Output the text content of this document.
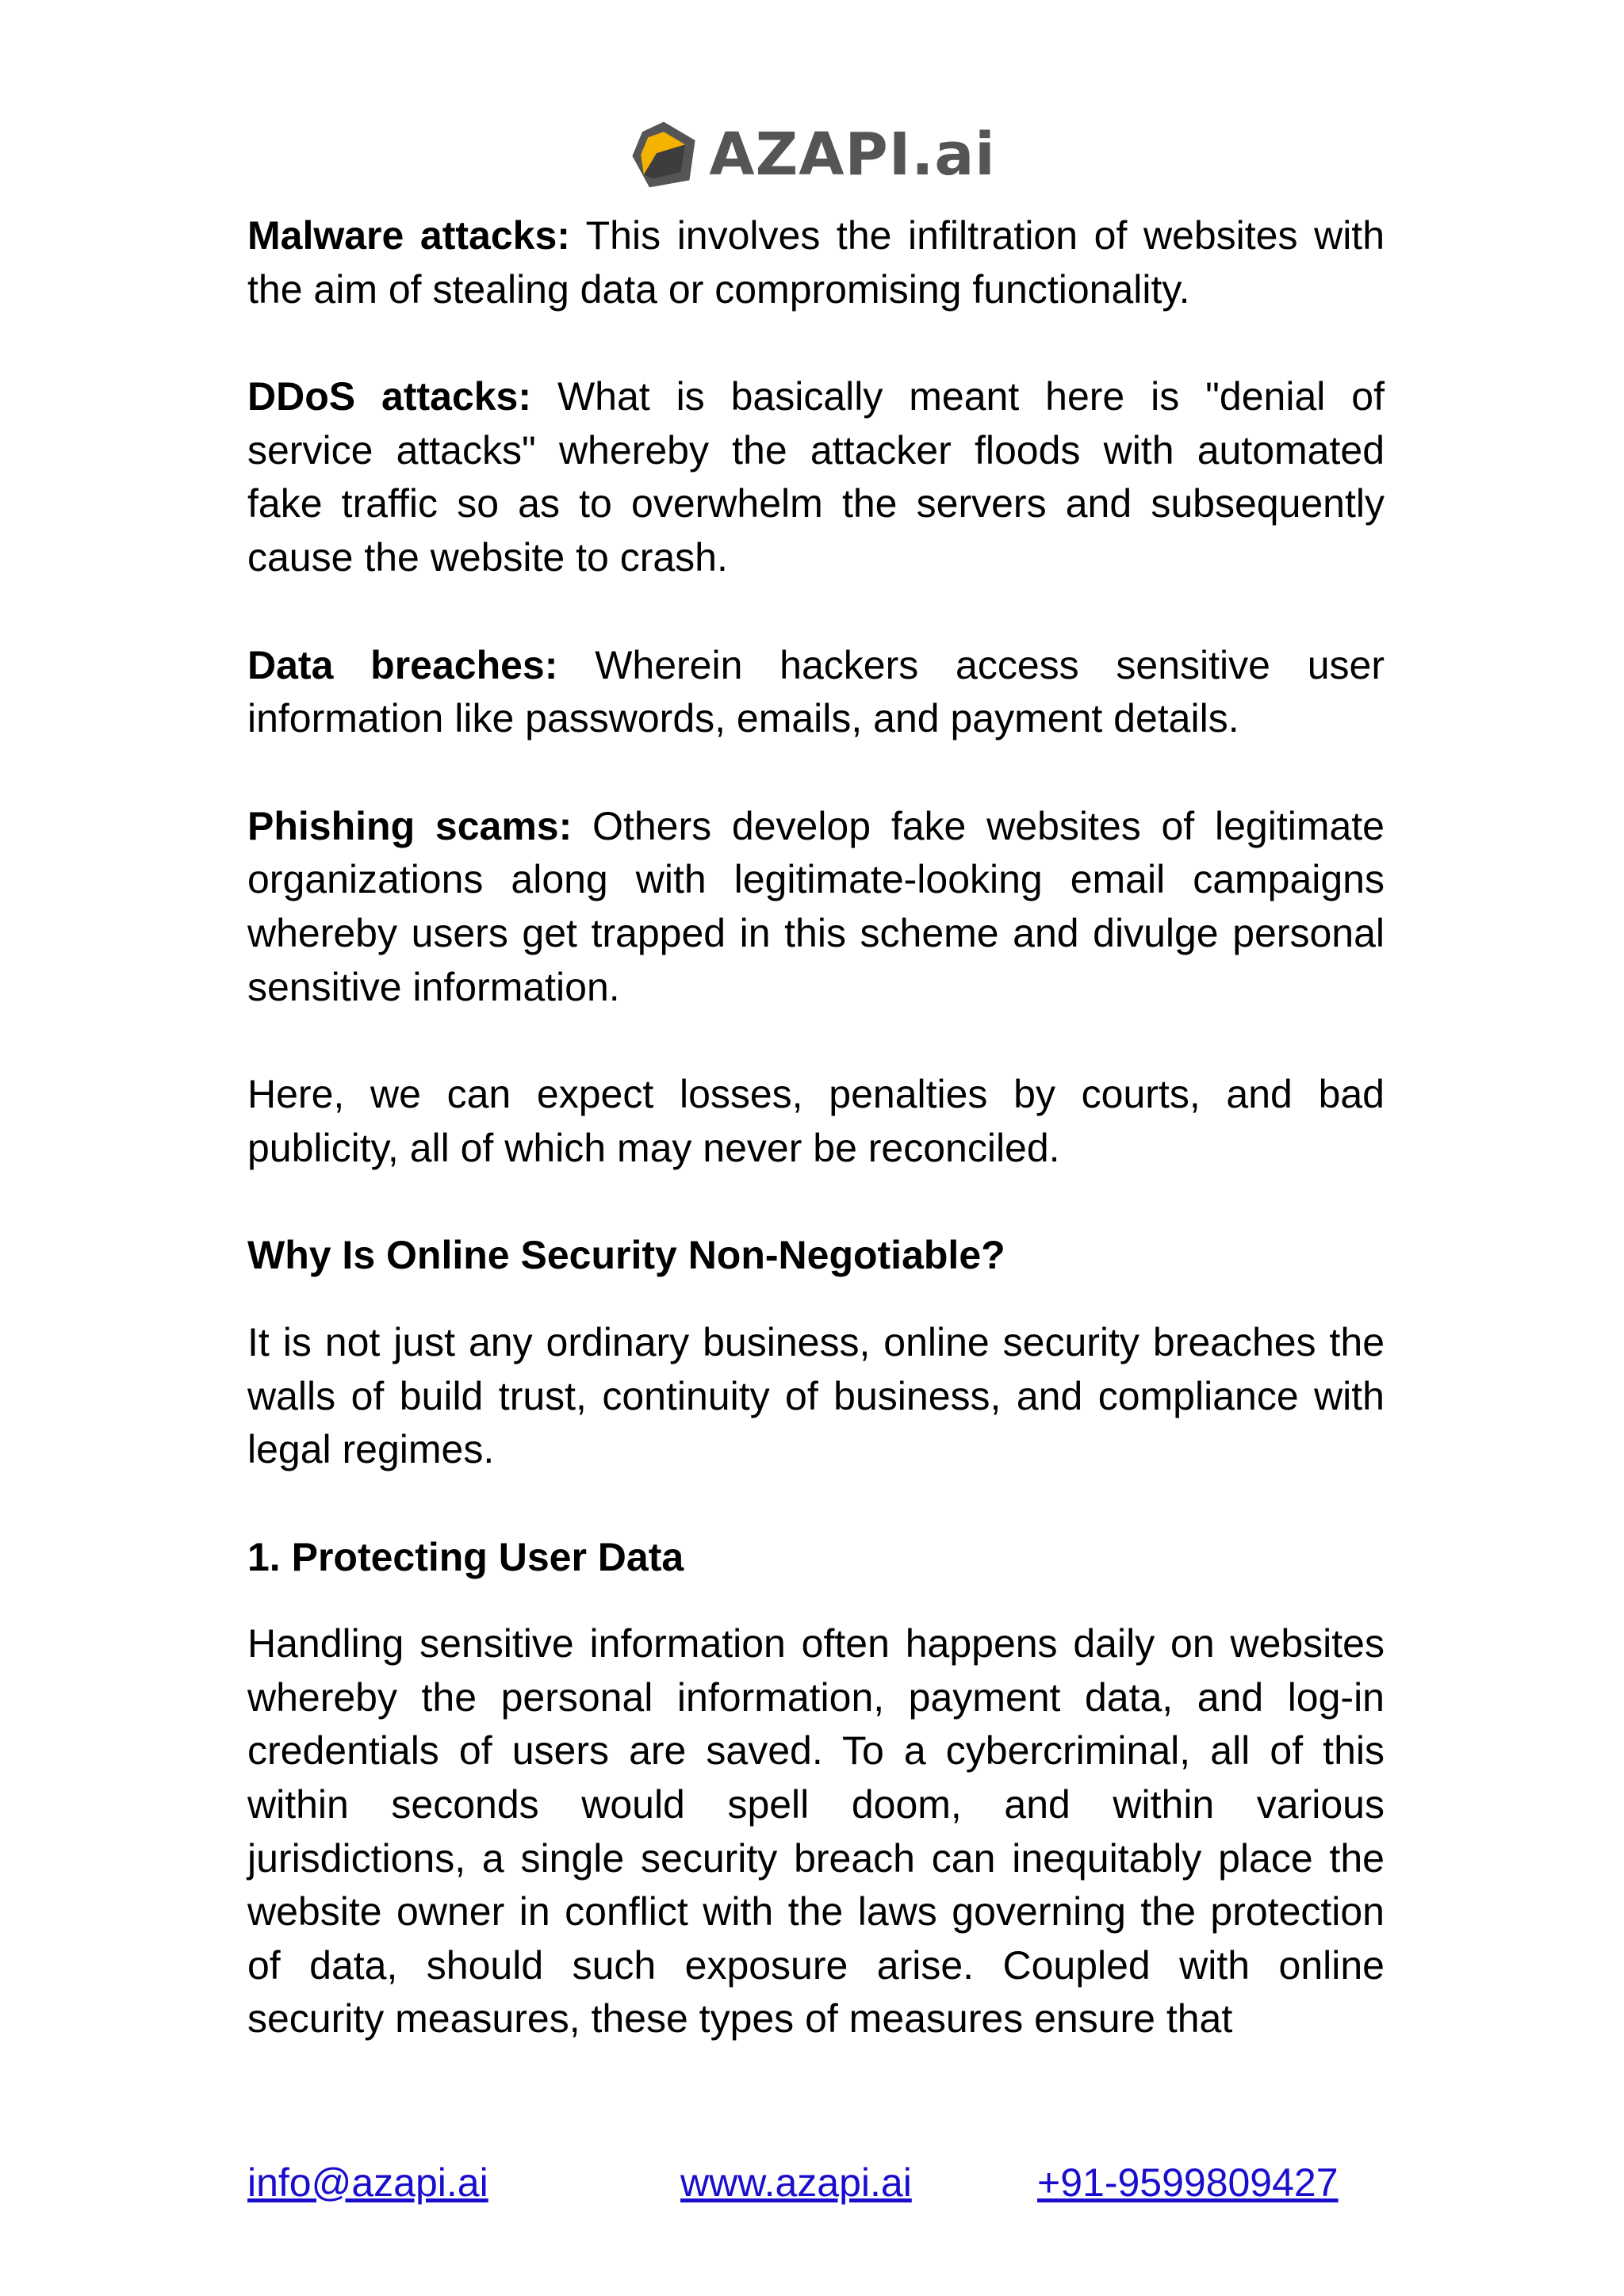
AZAPI.ai

Malware attacks: This involves the infiltration of websites with the aim of stealing data or compromising functionality.

DDoS attacks: What is basically meant here is "denial of service attacks" whereby the attacker floods with automated fake traffic so as to overwhelm the servers and subsequently cause the website to crash.

Data breaches: Wherein hackers access sensitive user information like passwords, emails, and payment details.

Phishing scams: Others develop fake websites of legitimate organizations along with legitimate-looking email campaigns whereby users get trapped in this scheme and divulge personal sensitive information.

Here, we can expect losses, penalties by courts, and bad publicity, all of which may never be reconciled.

Why Is Online Security Non-Negotiable?

It is not just any ordinary business, online security breaches the walls of build trust, continuity of business, and compliance with legal regimes.

1. Protecting User Data

Handling sensitive information often happens daily on websites whereby the personal information, payment data, and log-in credentials of users are saved. To a cybercriminal, all of this within seconds would spell doom, and within various jurisdictions, a single security breach can inequitably place the website owner in conflict with the laws governing the protection of data, should such exposure arise. Coupled with online security measures, these types of measures ensure that

info@azapi.ai	www.azapi.ai	+91-9599809427
